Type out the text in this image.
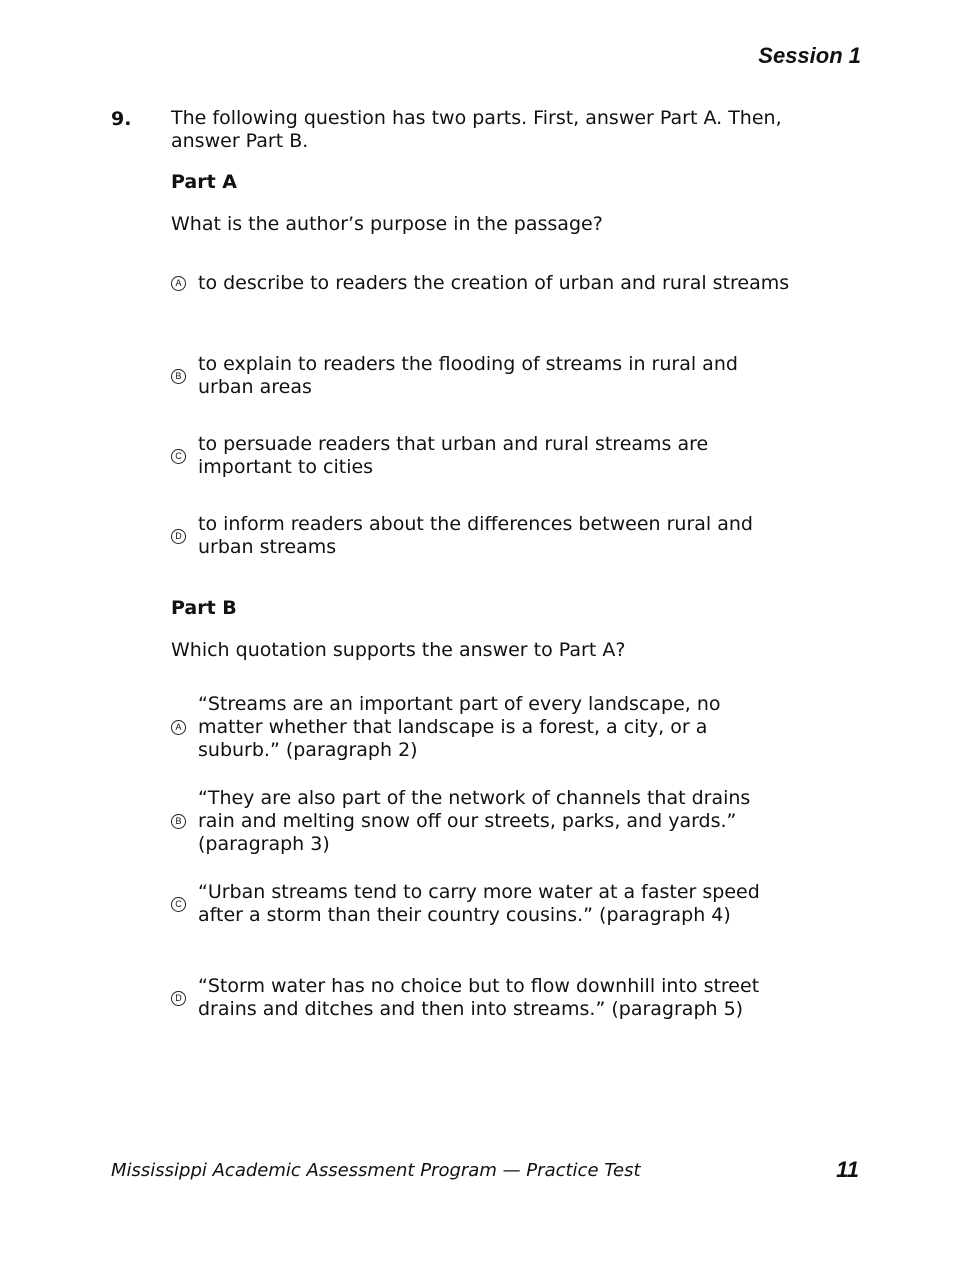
Session 1
9. The following question has two parts. First, answer Part A. Then, answer Part B.
Part A
What is the author’s purpose in the passage?
A to describe to readers the creation of urban and rural streams
B
to explain to readers the flooding of streams in rural and urban areas
C
to persuade readers that urban and rural streams are important to cities
D
to inform readers about the differences between rural and urban streams
Part B
Which quotation supports the answer to Part A?
A
“Streams are an important part of every landscape, no matter whether that landscape is a forest, a city, or a suburb.” (paragraph 2)
B
“They are also part of the network of channels that drains rain and melting snow off our streets, parks, and yards.” (paragraph 3)
C
“Urban streams tend to carry more water at a faster speed after a storm than their country cousins.” (paragraph 4)
D
“Storm water has no choice but to flow downhill into street drains and ditches and then into streams.” (paragraph 5)
Mississippi Academic Assessment Program — Practice Test	11
